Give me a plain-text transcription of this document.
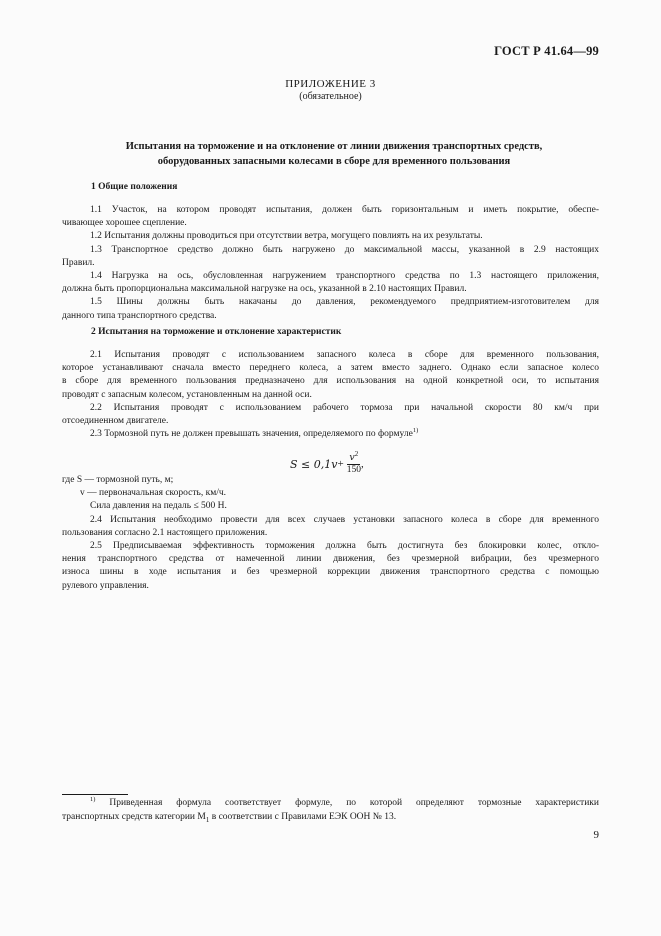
ГОСТ Р 41.64—99
ПРИЛОЖЕНИЕ 3
(обязательное)
Испытания на торможение и на отклонение от линии движения транспортных средств,
оборудованных запасными колесами в сборе для временного пользования
1 Общие положения

1.1 Участок, на котором проводят испытания, должен быть горизонтальным и иметь покрытие, обеспе-

чивающее хорошее сцепление.

1.2 Испытания должны проводиться при отсутствии ветра, могущего повлиять на их результаты.

1.3 Транспортное средство должно быть нагружено до максимальной массы, указанной в 2.9 настоящих

Правил.

1.4 Нагрузка на ось, обусловленная нагружением транспортного средства по 1.3 настоящего приложения,

должна быть пропорциональна максимальной нагрузке на ось, указанной в 2.10 настоящих Правил.

1.5 Шины должны быть накачаны до давления, рекомендуемого предприятием-изготовителем для

данного типа транспортного средства.

2 Испытания на торможение и отклонение характеристик

2.1 Испытания проводят с использованием запасного колеса в сборе для временного пользования,

которое устанавливают сначала вместо переднего колеса, а затем вместо заднего. Однако если запасное колесо

в сборе для временного пользования предназначено для использования на одной конкретной оси, то испытания

проводят с запасным колесом, установленным на данной оси.

2.2 Испытания проводят с использованием рабочего тормоза при начальной скорости 80 км/ч при

отсоединенном двигателе.

2.3 Тормозной путь не должен превышать значения, определяемого по формуле$^{1)}$

S ≤ 0,1 $v + \frac{v^2}{150}$ ,

где S — тормозной путь, м;

v — первоначальная скорость, км/ч.

Сила давления на педаль ≤ 500 Н.

2.4 Испытания необходимо провести для всех случаев установки запасного колеса в сборе для временного

пользования согласно 2.1 настоящего приложения.

2.5 Предписываемая эффективность торможения должна быть достигнута без блокировки колес, откло-

нения транспортного средства от намеченной линии движения, без чрезмерной вибрации, без чрезмерного

износа шины в ходе испытания и без чрезмерной коррекции движения транспортного средства с помощью

рулевого управления.

$^{1)}$ Приведенная формула соответствует формуле, по которой определяют тормозные характеристики

транспортных средств категории $M_1$ в соответствии с Правилами ЕЭК ООН № 13.

9
